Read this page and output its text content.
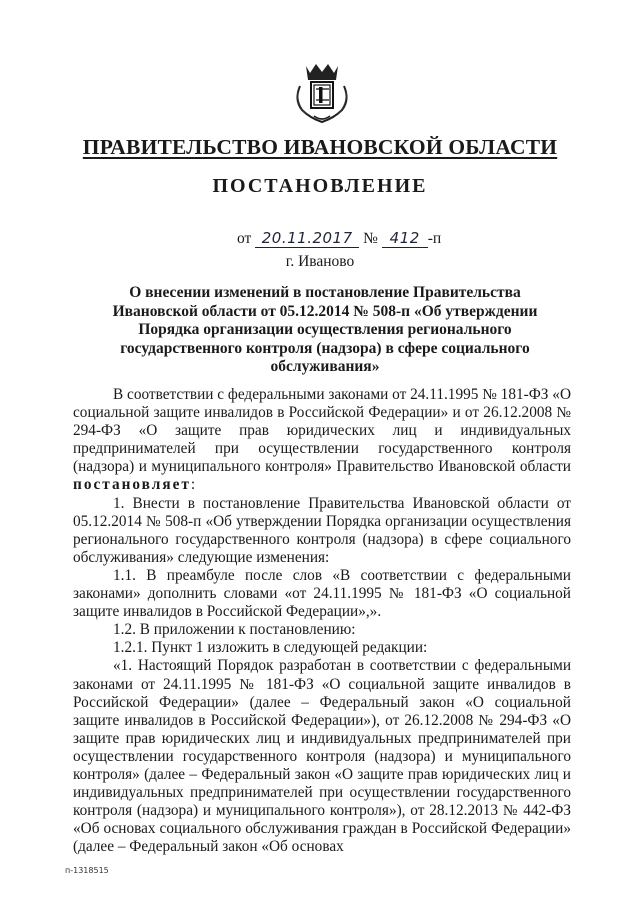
ПРАВИТЕЛЬСТВО ИВАНОВСКОЙ ОБЛАСТИ
ПОСТАНОВЛЕНИЕ
от 20.11.2017 № 412 -п
г. Иваново
О внесении изменений в постановление Правительства Ивановской области от 05.12.2014 № 508-п «Об утверждении Порядка организации осуществления регионального государственного контроля (надзора) в сфере социального обслуживания»

В соответствии с федеральными законами от 24.11.1995 № 181-ФЗ «О социальной защите инвалидов в Российской Федерации» и от 26.12.2008 № 294-ФЗ «О защите прав юридических лиц и индивидуальных предпринимателей при осуществлении государственного контроля (надзора) и муниципального контроля» Правительство Ивановской области постановляет:

1. Внести в постановление Правительства Ивановской области от 05.12.2014 № 508-п «Об утверждении Порядка организации осуществления регионального государственного контроля (надзора) в сфере социального обслуживания» следующие изменения:

1.1. В преамбуле после слов «В соответствии с федеральными законами» дополнить словами «от 24.11.1995 № 181-ФЗ «О социальной защите инвалидов в Российской Федерации»,».

1.2. В приложении к постановлению:

1.2.1. Пункт 1 изложить в следующей редакции:

«1. Настоящий Порядок разработан в соответствии с федеральными законами от 24.11.1995 № 181-ФЗ «О социальной защите инвалидов в Российской Федерации» (далее – Федеральный закон «О социальной защите инвалидов в Российской Федерации»), от 26.12.2008 № 294-ФЗ «О защите прав юридических лиц и индивидуальных предпринимателей при осуществлении государственного контроля (надзора) и муниципального контроля» (далее – Федеральный закон «О защите прав юридических лиц и индивидуальных предпринимателей при осуществлении государственного контроля (надзора) и муниципального контроля»), от 28.12.2013 № 442-ФЗ «Об основах социального обслуживания граждан в Российской Федерации» (далее – Федеральный закон «Об основах

п-1318515
